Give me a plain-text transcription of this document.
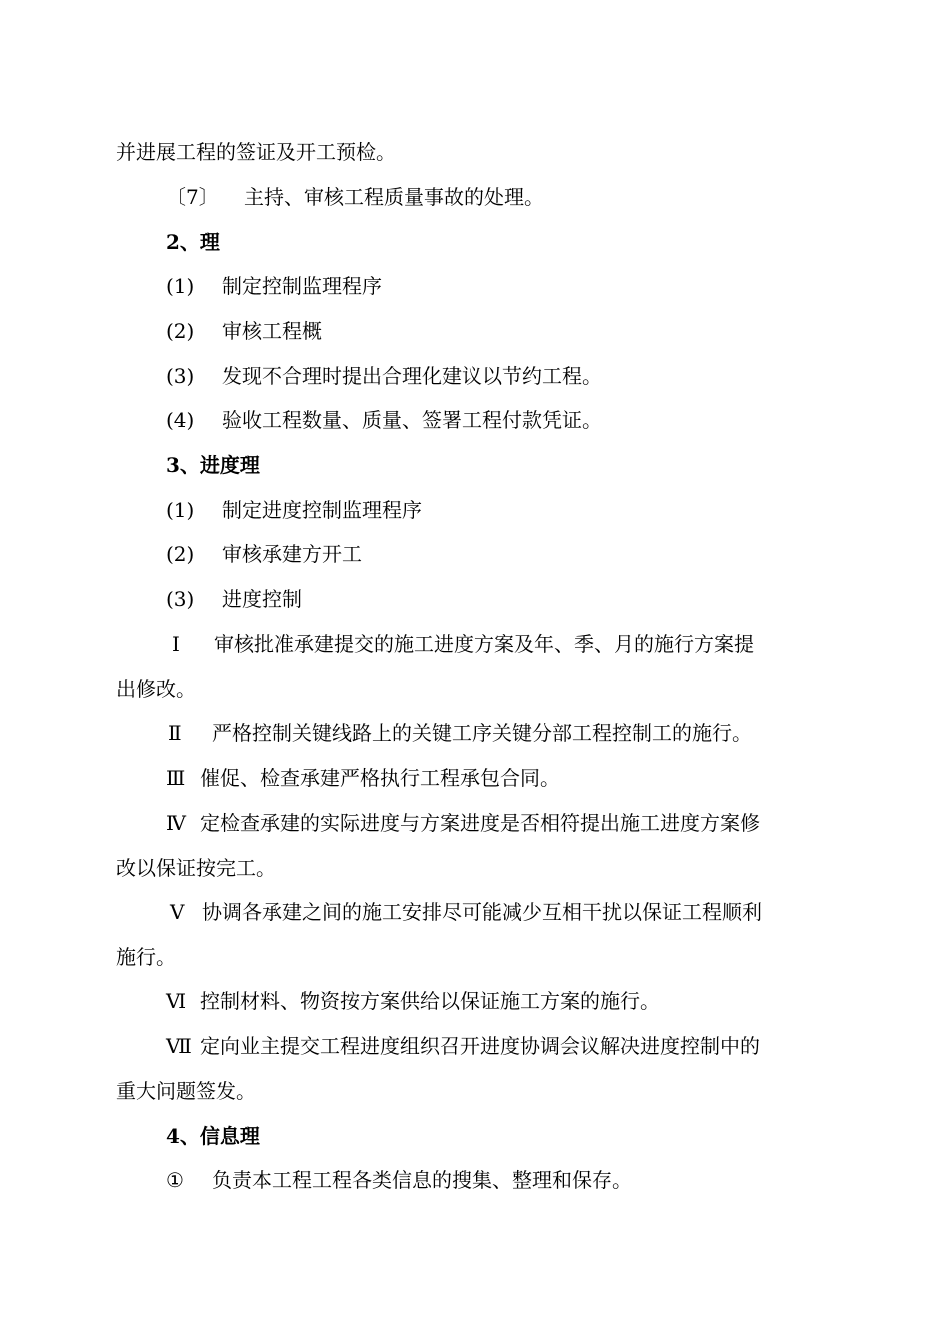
并进展工程的签证及开工预检。
〔7〕 主持、审核工程质量事故的处理。
2、理
(1) 制定控制监理程序
(2) 审核工程概
(3) 发现不合理时提出合理化建议以节约工程。
(4) 验收工程数量、质量、签署工程付款凭证。
3、进度理
(1) 制定进度控制监理程序
(2) 审核承建方开工
(3) 进度控制
Ⅰ 审核批准承建提交的施工进度方案及年、季、月的施行方案提
出修改。
Ⅱ 严格控制关键线路上的关键工序关键分部工程控制工的施行。
Ⅲ 催促、检查承建严格执行工程承包合同。
Ⅳ 定检查承建的实际进度与方案进度是否相符提出施工进度方案修
改以保证按完工。
Ⅴ 协调各承建之间的施工安排尽可能减少互相干扰以保证工程顺利
施行。
Ⅵ 控制材料、物资按方案供给以保证施工方案的施行。
Ⅶ 定向业主提交工程进度组织召开进度协调会议解决进度控制中的
重大问题签发。
4、信息理
① 负责本工程工程各类信息的搜集、整理和保存。
